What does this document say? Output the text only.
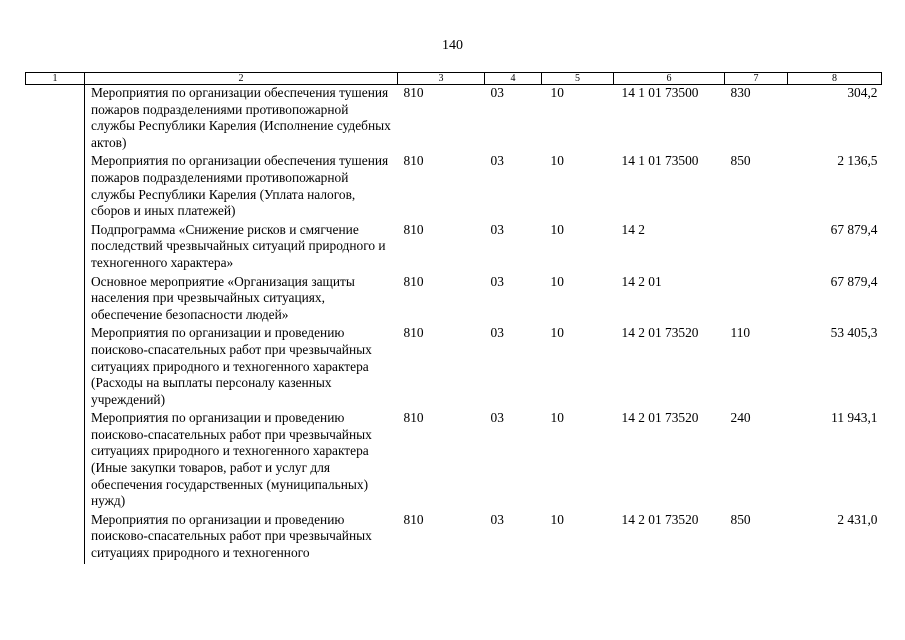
140
1	2	3	4	5	6	7	8
	Мероприятия по организации обеспечения тушения пожаров подразделениями противопожарной службы Республики Карелия (Исполнение судебных актов)	810	03	10	14 1 01 73500	830	304,2
	Мероприятия по организации обеспечения тушения пожаров подразделениями противопожарной службы Республики Карелия (Уплата налогов, сборов и иных платежей)	810	03	10	14 1 01 73500	850	2 136,5
	Подпрограмма «Снижение рисков и смягчение последствий чрезвычайных ситуаций природного и техногенного характера»	810	03	10	14 2		67 879,4
	Основное мероприятие «Организация защиты населения при чрезвычайных ситуациях, обеспечение безопасности людей»	810	03	10	14 2 01		67 879,4
	Мероприятия по организации и проведению поисково-спасательных работ при чрезвычайных ситуациях природного и техногенного характера (Расходы на выплаты персоналу казенных учреждений)	810	03	10	14 2 01 73520	110	53 405,3
	Мероприятия по организации и проведению поисково-спасательных работ при чрезвычайных ситуациях природного и техногенного характера (Иные закупки товаров, работ и услуг для обеспечения государственных (муниципальных) нужд)	810	03	10	14 2 01 73520	240	11 943,1
	Мероприятия по организации и проведению поисково-спасательных работ при чрезвычайных ситуациях природного и техногенного	810	03	10	14 2 01 73520	850	2 431,0
